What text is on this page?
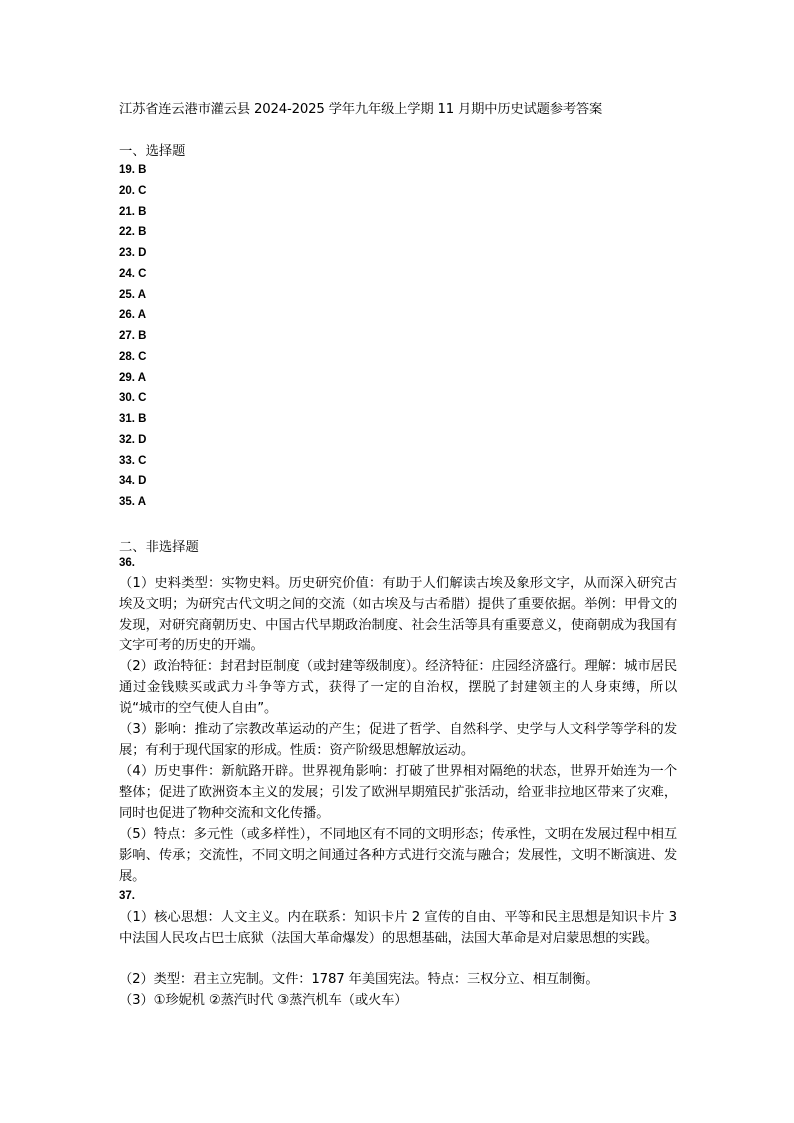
江苏省连云港市灌云县 2024-2025 学年九年级上学期 11 月期中历史试题参考答案
一、选择题
19. B
20. C
21. B
22. B
23. D
24. C
25. A
26. A
27. B
28. C
29. A
30. C
31. B
32. D
33. C
34. D
35. A
二、非选择题
36.

（1）史料类型：实物史料。历史研究价值：有助于人们解读古埃及象形文字，从而深入研究古埃及文明；为研究古代文明之间的交流（如古埃及与古希腊）提供了重要依据。举例：甲骨文的发现，对研究商朝历史、中国古代早期政治制度、社会生活等具有重要意义，使商朝成为我国有文字可考的历史的开端。

（2）政治特征：封君封臣制度（或封建等级制度）。经济特征：庄园经济盛行。理解：城市居民通过金钱赎买或武力斗争等方式，获得了一定的自治权，摆脱了封建领主的人身束缚，所以说“城市的空气使人自由”。

（3）影响：推动了宗教改革运动的产生；促进了哲学、自然科学、史学与人文科学等学科的发展；有利于现代国家的形成。性质：资产阶级思想解放运动。

（4）历史事件：新航路开辟。世界视角影响：打破了世界相对隔绝的状态，世界开始连为一个整体；促进了欧洲资本主义的发展；引发了欧洲早期殖民扩张活动，给亚非拉地区带来了灾难，同时也促进了物种交流和文化传播。

（5）特点：多元性（或多样性），不同地区有不同的文明形态；传承性，文明在发展过程中相互影响、传承；交流性，不同文明之间通过各种方式进行交流与融合；发展性，文明不断演进、发展。

37.

（1）核心思想：人文主义。内在联系：知识卡片 2 宣传的自由、平等和民主思想是知识卡片 3 中法国人民攻占巴士底狱（法国大革命爆发）的思想基础，法国大革命是对启蒙思想的实践。

（2）类型：君主立宪制。文件：1787 年美国宪法。特点：三权分立、相互制衡。

（3）①珍妮机 ②蒸汽时代 ③蒸汽机车（或火车）
